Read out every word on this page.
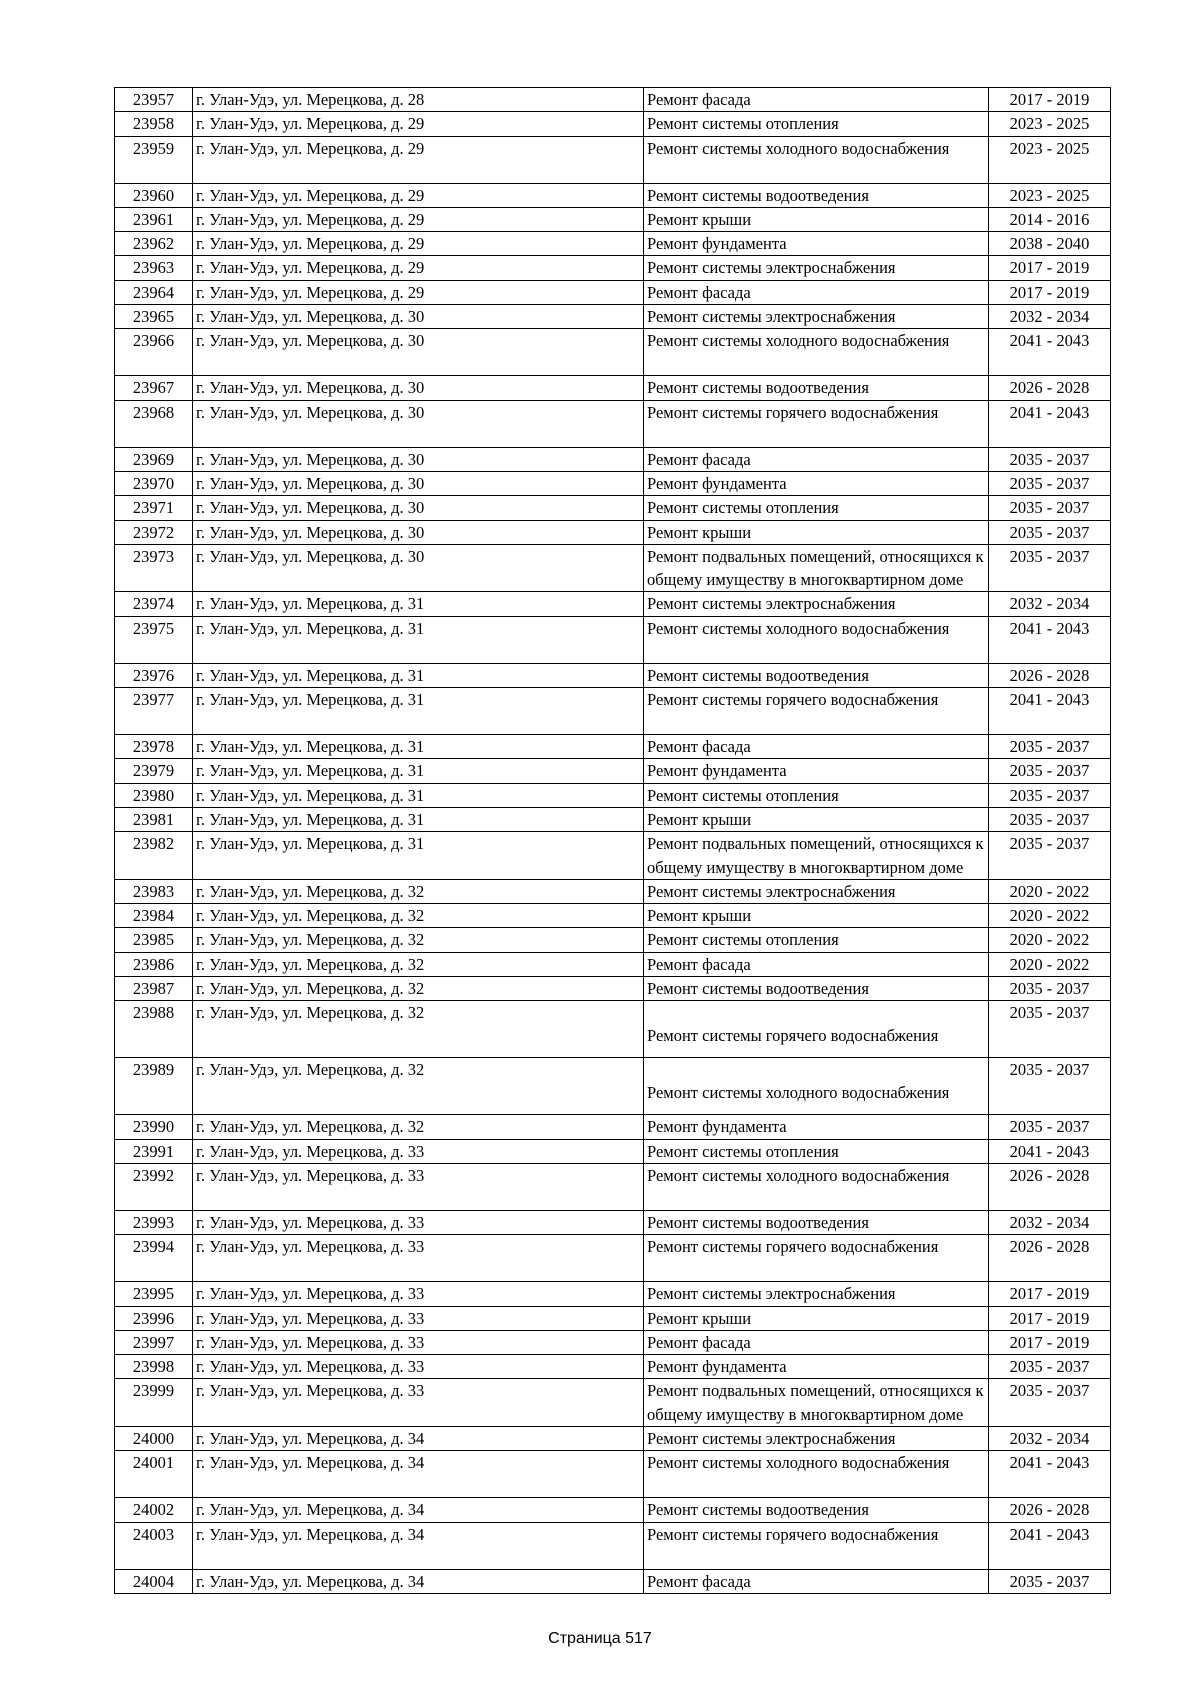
23957	г. Улан-Удэ, ул. Мерецкова, д. 28	Ремонт фасада	2017 - 2019
23958	г. Улан-Удэ, ул. Мерецкова, д. 29	Ремонт системы отопления	2023 - 2025
23959	г. Улан-Удэ, ул. Мерецкова, д. 29	Ремонт системы холодного водоснабжения	2023 - 2025
23960	г. Улан-Удэ, ул. Мерецкова, д. 29	Ремонт системы водоотведения	2023 - 2025
23961	г. Улан-Удэ, ул. Мерецкова, д. 29	Ремонт крыши	2014 - 2016
23962	г. Улан-Удэ, ул. Мерецкова, д. 29	Ремонт фундамента	2038 - 2040
23963	г. Улан-Удэ, ул. Мерецкова, д. 29	Ремонт системы электроснабжения	2017 - 2019
23964	г. Улан-Удэ, ул. Мерецкова, д. 29	Ремонт фасада	2017 - 2019
23965	г. Улан-Удэ, ул. Мерецкова, д. 30	Ремонт системы электроснабжения	2032 - 2034
23966	г. Улан-Удэ, ул. Мерецкова, д. 30	Ремонт системы холодного водоснабжения	2041 - 2043
23967	г. Улан-Удэ, ул. Мерецкова, д. 30	Ремонт системы водоотведения	2026 - 2028
23968	г. Улан-Удэ, ул. Мерецкова, д. 30	Ремонт системы горячего водоснабжения	2041 - 2043
23969	г. Улан-Удэ, ул. Мерецкова, д. 30	Ремонт фасада	2035 - 2037
23970	г. Улан-Удэ, ул. Мерецкова, д. 30	Ремонт фундамента	2035 - 2037
23971	г. Улан-Удэ, ул. Мерецкова, д. 30	Ремонт системы отопления	2035 - 2037
23972	г. Улан-Удэ, ул. Мерецкова, д. 30	Ремонт крыши	2035 - 2037
23973	г. Улан-Удэ, ул. Мерецкова, д. 30	Ремонт подвальных помещений, относящихся к общему имуществу в многоквартирном доме	2035 - 2037
23974	г. Улан-Удэ, ул. Мерецкова, д. 31	Ремонт системы электроснабжения	2032 - 2034
23975	г. Улан-Удэ, ул. Мерецкова, д. 31	Ремонт системы холодного водоснабжения	2041 - 2043
23976	г. Улан-Удэ, ул. Мерецкова, д. 31	Ремонт системы водоотведения	2026 - 2028
23977	г. Улан-Удэ, ул. Мерецкова, д. 31	Ремонт системы горячего водоснабжения	2041 - 2043
23978	г. Улан-Удэ, ул. Мерецкова, д. 31	Ремонт фасада	2035 - 2037
23979	г. Улан-Удэ, ул. Мерецкова, д. 31	Ремонт фундамента	2035 - 2037
23980	г. Улан-Удэ, ул. Мерецкова, д. 31	Ремонт системы отопления	2035 - 2037
23981	г. Улан-Удэ, ул. Мерецкова, д. 31	Ремонт крыши	2035 - 2037
23982	г. Улан-Удэ, ул. Мерецкова, д. 31	Ремонт подвальных помещений, относящихся к общему имуществу в многоквартирном доме	2035 - 2037
23983	г. Улан-Удэ, ул. Мерецкова, д. 32	Ремонт системы электроснабжения	2020 - 2022
23984	г. Улан-Удэ, ул. Мерецкова, д. 32	Ремонт крыши	2020 - 2022
23985	г. Улан-Удэ, ул. Мерецкова, д. 32	Ремонт системы отопления	2020 - 2022
23986	г. Улан-Удэ, ул. Мерецкова, д. 32	Ремонт фасада	2020 - 2022
23987	г. Улан-Удэ, ул. Мерецкова, д. 32	Ремонт системы водоотведения	2035 - 2037
23988	г. Улан-Удэ, ул. Мерецкова, д. 32	Ремонт системы горячего водоснабжения	2035 - 2037
23989	г. Улан-Удэ, ул. Мерецкова, д. 32	Ремонт системы холодного водоснабжения	2035 - 2037
23990	г. Улан-Удэ, ул. Мерецкова, д. 32	Ремонт фундамента	2035 - 2037
23991	г. Улан-Удэ, ул. Мерецкова, д. 33	Ремонт системы отопления	2041 - 2043
23992	г. Улан-Удэ, ул. Мерецкова, д. 33	Ремонт системы холодного водоснабжения	2026 - 2028
23993	г. Улан-Удэ, ул. Мерецкова, д. 33	Ремонт системы водоотведения	2032 - 2034
23994	г. Улан-Удэ, ул. Мерецкова, д. 33	Ремонт системы горячего водоснабжения	2026 - 2028
23995	г. Улан-Удэ, ул. Мерецкова, д. 33	Ремонт системы электроснабжения	2017 - 2019
23996	г. Улан-Удэ, ул. Мерецкова, д. 33	Ремонт крыши	2017 - 2019
23997	г. Улан-Удэ, ул. Мерецкова, д. 33	Ремонт фасада	2017 - 2019
23998	г. Улан-Удэ, ул. Мерецкова, д. 33	Ремонт фундамента	2035 - 2037
23999	г. Улан-Удэ, ул. Мерецкова, д. 33	Ремонт подвальных помещений, относящихся к общему имуществу в многоквартирном доме	2035 - 2037
24000	г. Улан-Удэ, ул. Мерецкова, д. 34	Ремонт системы электроснабжения	2032 - 2034
24001	г. Улан-Удэ, ул. Мерецкова, д. 34	Ремонт системы холодного водоснабжения	2041 - 2043
24002	г. Улан-Удэ, ул. Мерецкова, д. 34	Ремонт системы водоотведения	2026 - 2028
24003	г. Улан-Удэ, ул. Мерецкова, д. 34	Ремонт системы горячего водоснабжения	2041 - 2043
24004	г. Улан-Удэ, ул. Мерецкова, д. 34	Ремонт фасада	2035 - 2037
Страница 517
